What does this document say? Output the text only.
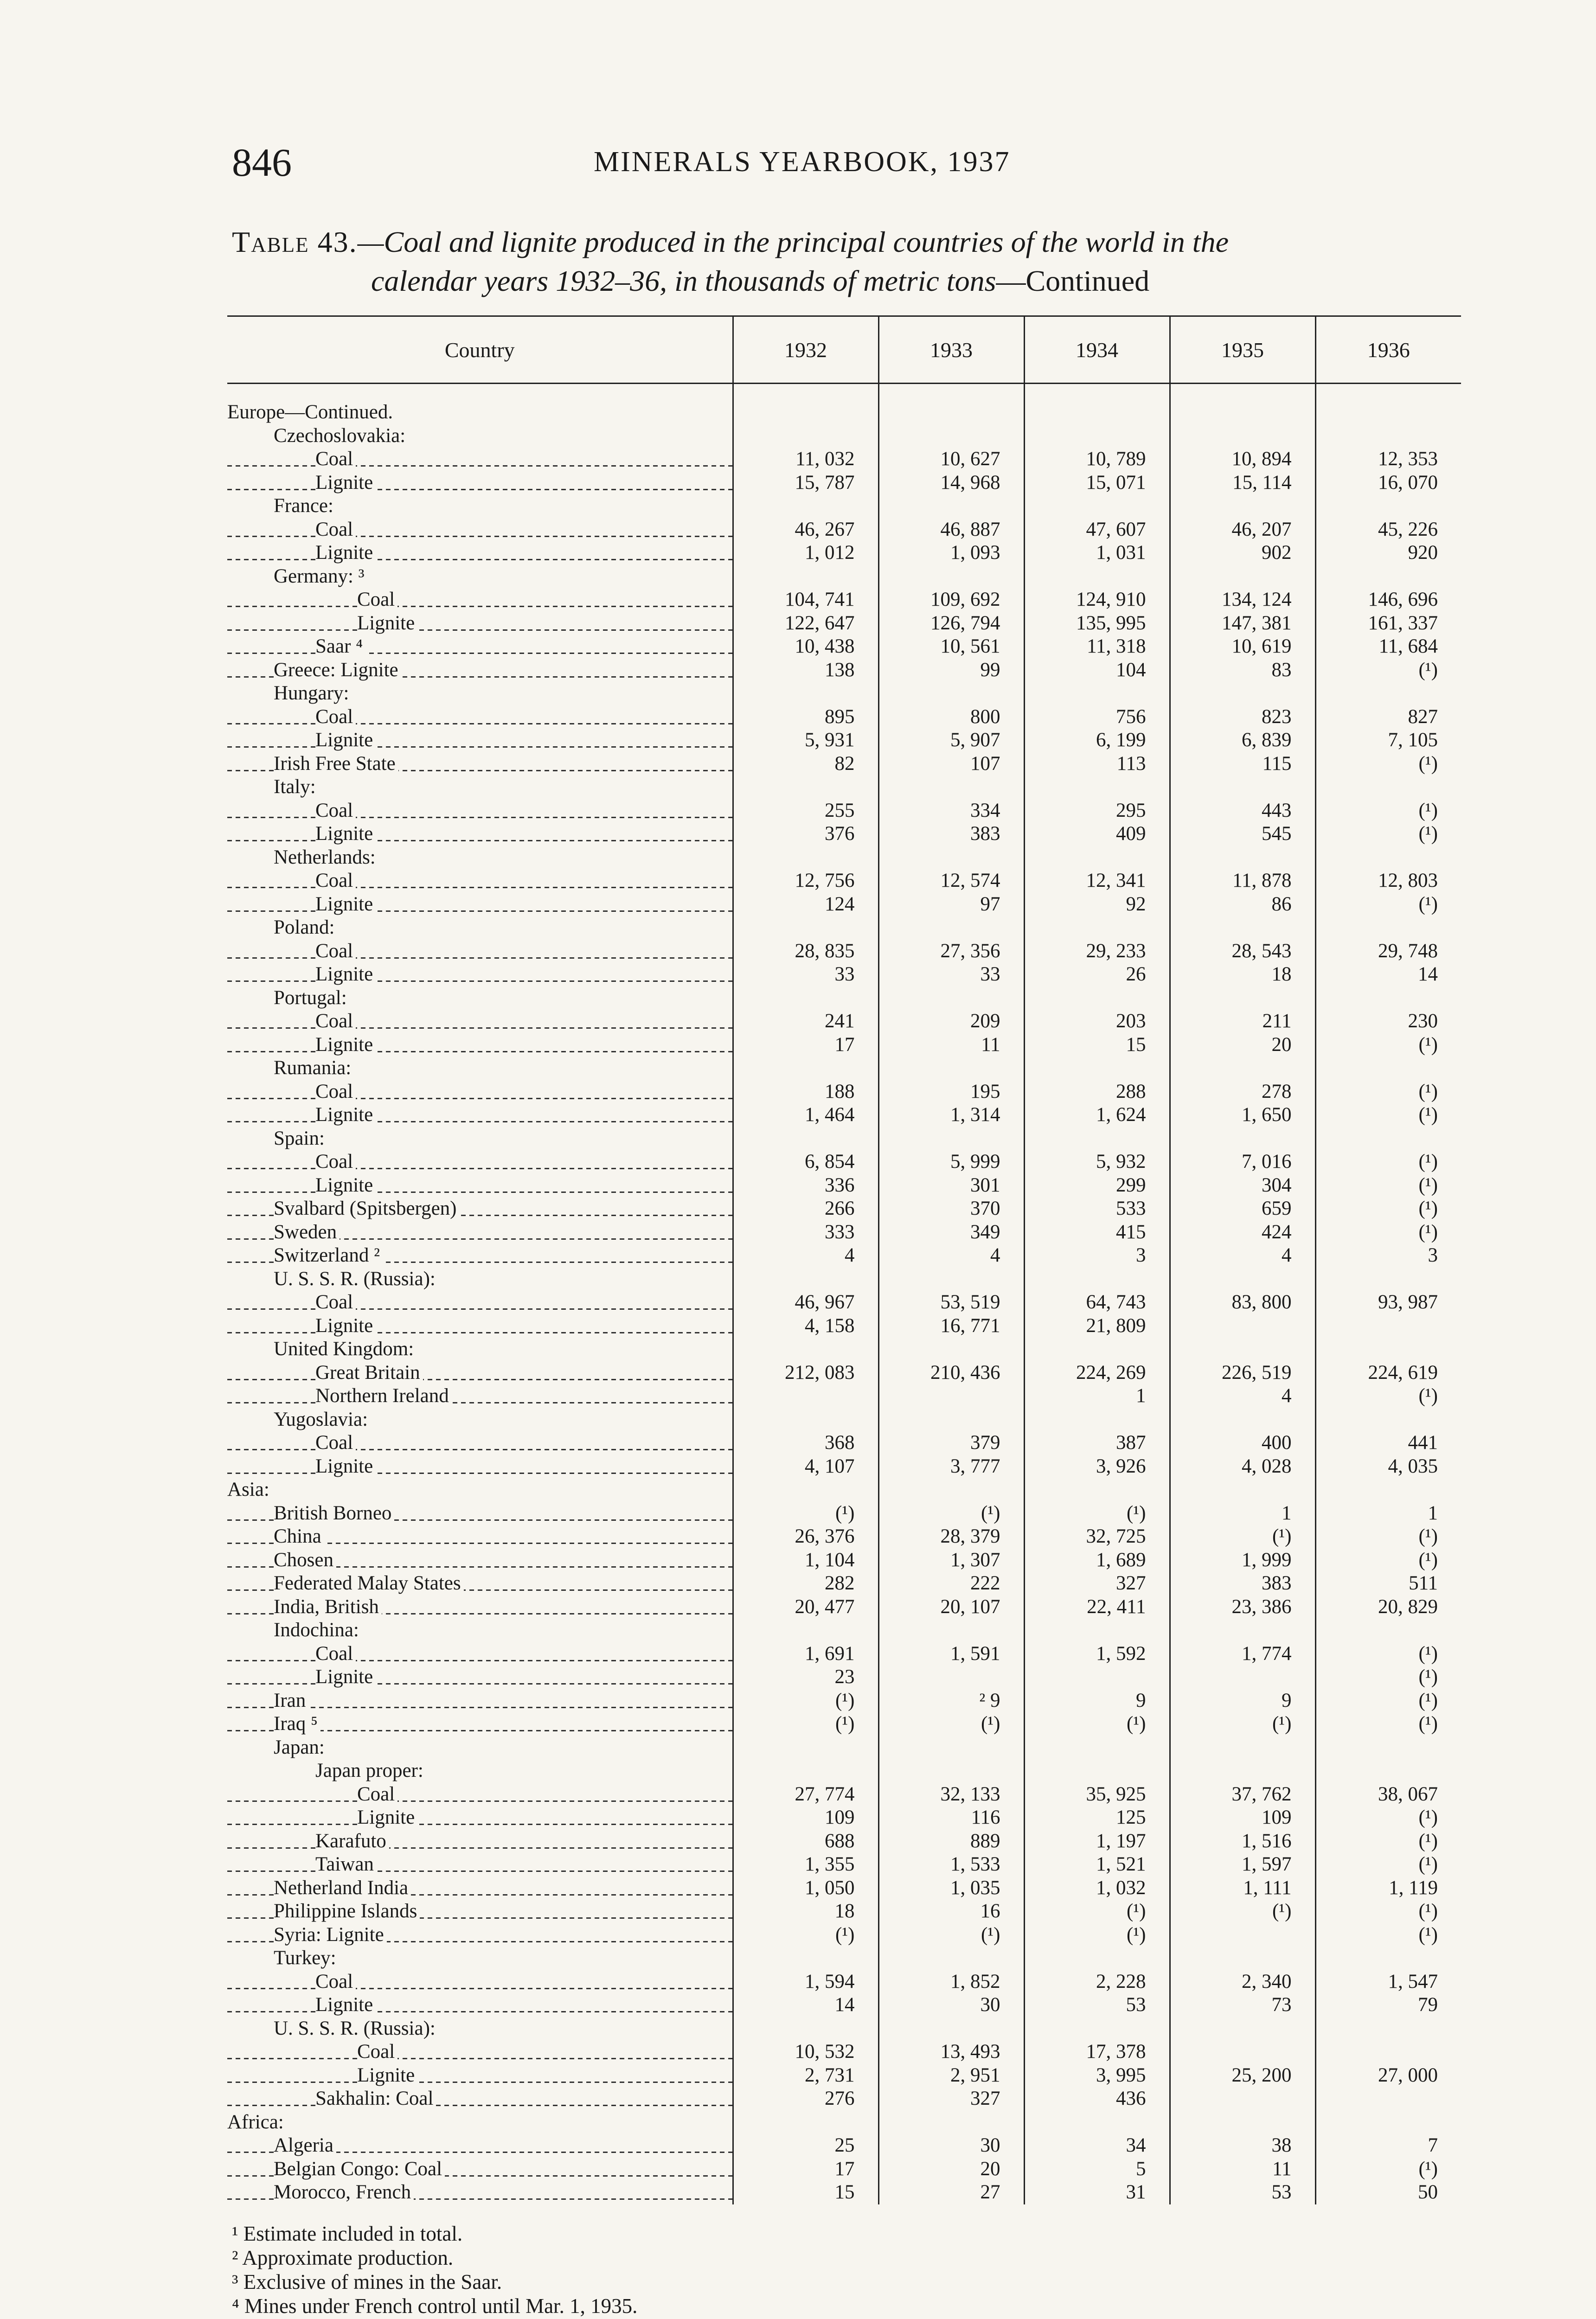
846	MINERALS YEARBOOK, 1937
Table 43.—Coal and lignite produced in the principal countries of the world in the
calendar years 1932–36, in thousands of metric tons—Continued
Country	1932	1933	1934	1935	1936
Europe—Continued.					
Czechoslovakia:					
Coal	11, 032	10, 627	10, 789	10, 894	12, 353
Lignite	15, 787	14, 968	15, 071	15, 114	16, 070
France:					
Coal	46, 267	46, 887	47, 607	46, 207	45, 226
Lignite	1, 012	1, 093	1, 031	902	920
Germany: ³					
Coal	104, 741	109, 692	124, 910	134, 124	146, 696
Lignite	122, 647	126, 794	135, 995	147, 381	161, 337
Saar ⁴	10, 438	10, 561	11, 318	10, 619	11, 684
Greece: Lignite	138	99	104	83	(¹)
Hungary:					
Coal	895	800	756	823	827
Lignite	5, 931	5, 907	6, 199	6, 839	7, 105
Irish Free State	82	107	113	115	(¹)
Italy:					
Coal	255	334	295	443	(¹)
Lignite	376	383	409	545	(¹)
Netherlands:					
Coal	12, 756	12, 574	12, 341	11, 878	12, 803
Lignite	124	97	92	86	(¹)
Poland:					
Coal	28, 835	27, 356	29, 233	28, 543	29, 748
Lignite	33	33	26	18	14
Portugal:					
Coal	241	209	203	211	230
Lignite	17	11	15	20	(¹)
Rumania:					
Coal	188	195	288	278	(¹)
Lignite	1, 464	1, 314	1, 624	1, 650	(¹)
Spain:					
Coal	6, 854	5, 999	5, 932	7, 016	(¹)
Lignite	336	301	299	304	(¹)
Svalbard (Spitsbergen)	266	370	533	659	(¹)
Sweden	333	349	415	424	(¹)
Switzerland ²	4	4	3	4	3
U. S. S. R. (Russia):					
Coal	46, 967	53, 519	64, 743	83, 800	93, 987
Lignite	4, 158	16, 771	21, 809		
United Kingdom:					
Great Britain	212, 083	210, 436	224, 269	226, 519	224, 619
Northern Ireland			1	4	(¹)
Yugoslavia:					
Coal	368	379	387	400	441
Lignite	4, 107	3, 777	3, 926	4, 028	4, 035
Asia:					
British Borneo	(¹)	(¹)	(¹)	1	1
China	26, 376	28, 379	32, 725	(¹)	(¹)
Chosen	1, 104	1, 307	1, 689	1, 999	(¹)
Federated Malay States	282	222	327	383	511
India, British	20, 477	20, 107	22, 411	23, 386	20, 829
Indochina:					
Coal	1, 691	1, 591	1, 592	1, 774	(¹)
Lignite	23				(¹)
Iran	(¹)	² 9	9	9	(¹)
Iraq ⁵	(¹)	(¹)	(¹)	(¹)	(¹)
Japan:					
Japan proper:					
Coal	27, 774	32, 133	35, 925	37, 762	38, 067
Lignite	109	116	125	109	(¹)
Karafuto	688	889	1, 197	1, 516	(¹)
Taiwan	1, 355	1, 533	1, 521	1, 597	(¹)
Netherland India	1, 050	1, 035	1, 032	1, 111	1, 119
Philippine Islands	18	16	(¹)	(¹)	(¹)
Syria: Lignite	(¹)	(¹)	(¹)		(¹)
Turkey:					
Coal	1, 594	1, 852	2, 228	2, 340	1, 547
Lignite	14	30	53	73	79
U. S. S. R. (Russia):					
Coal	10, 532	13, 493	17, 378		
Lignite	2, 731	2, 951	3, 995	25, 200	27, 000
Sakhalin: Coal	276	327	436		
Africa:					
Algeria	25	30	34	38	7
Belgian Congo: Coal	17	20	5	11	(¹)
Morocco, French	15	27	31	53	50
¹ Estimate included in total.
² Approximate production.
³ Exclusive of mines in the Saar.
⁴ Mines under French control until Mar. 1, 1935.
